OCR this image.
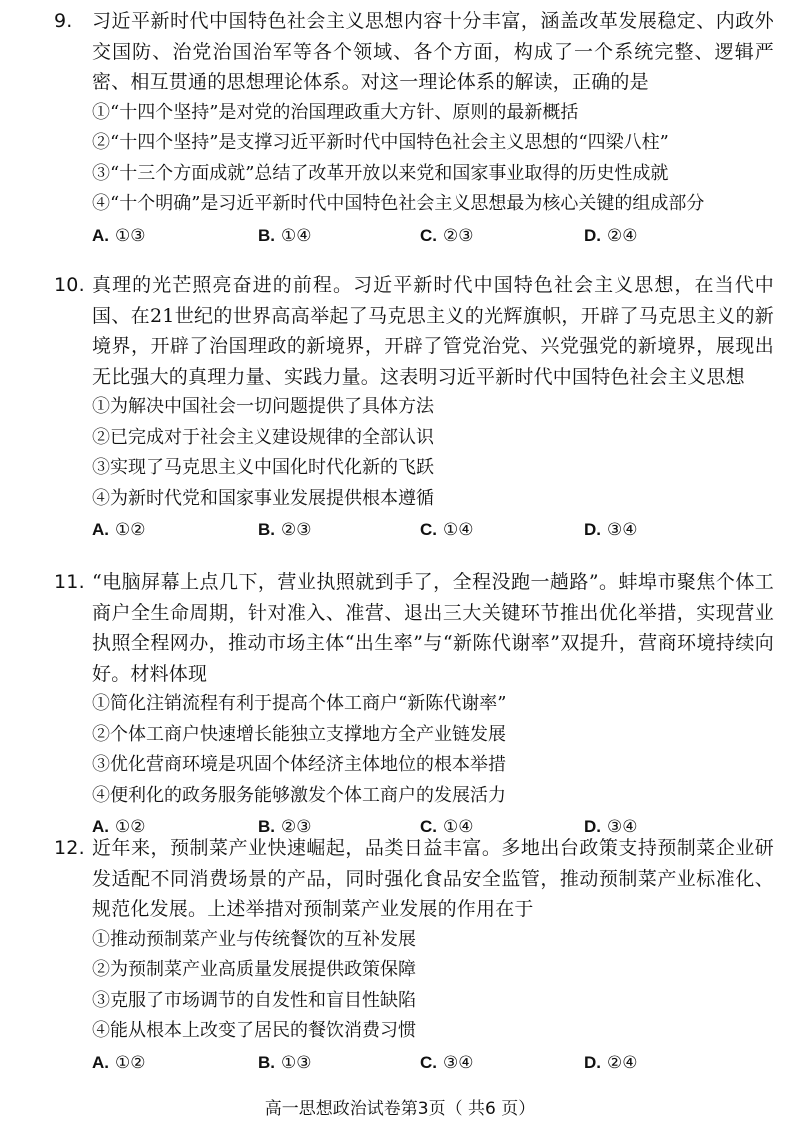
9. 习近平新时代中国特色社会主义思想内容十分丰富，涵盖改革发展稳定、内政外交国防、治党治国治军等各个领域、各个方面，构成了一个系统完整、逻辑严密、相互贯通的思想理论体系。对这一理论体系的解读，正确的是
①“十四个坚持”是对党的治国理政重大方针、原则的最新概括
②“十四个坚持”是支撑习近平新时代中国特色社会主义思想的“四梁八柱”
③“十三个方面成就”总结了改革开放以来党和国家事业取得的历史性成就
④“十个明确”是习近平新时代中国特色社会主义思想最为核心关键的组成部分
A. ①③	B. ①④	C. ②③	D. ②④
10. 真理的光芒照亮奋进的前程。习近平新时代中国特色社会主义思想，在当代中国、在21世纪的世界高高举起了马克思主义的光辉旗帜，开辟了马克思主义的新境界，开辟了治国理政的新境界，开辟了管党治党、兴党强党的新境界，展现出无比强大的真理力量、实践力量。这表明习近平新时代中国特色社会主义思想
①为解决中国社会一切问题提供了具体方法
②已完成对于社会主义建设规律的全部认识
③实现了马克思主义中国化时代化新的飞跃
④为新时代党和国家事业发展提供根本遵循
A. ①②	B. ②③	C. ①④	D. ③④
11. “电脑屏幕上点几下，营业执照就到手了，全程没跑一趟路”。蚌埠市聚焦个体工商户全生命周期，针对准入、准营、退出三大关键环节推出优化举措，实现营业执照全程网办，推动市场主体“出生率”与“新陈代谢率”双提升，营商环境持续向好。材料体现
①简化注销流程有利于提高个体工商户“新陈代谢率”
②个体工商户快速增长能独立支撑地方全产业链发展
③优化营商环境是巩固个体经济主体地位的根本举措
④便利化的政务服务能够激发个体工商户的发展活力
A. ①②	B. ②③	C. ①④	D. ③④
12. 近年来，预制菜产业快速崛起，品类日益丰富。多地出台政策支持预制菜企业研发适配不同消费场景的产品，同时强化食品安全监管，推动预制菜产业标准化、规范化发展。上述举措对预制菜产业发展的作用在于
①推动预制菜产业与传统餐饮的互补发展
②为预制菜产业高质量发展提供政策保障
③克服了市场调节的自发性和盲目性缺陷
④能从根本上改变了居民的餐饮消费习惯
A. ①②	B. ①③	C. ③④	D. ②④
高一思想政治试卷第3页（ 共6 页）
